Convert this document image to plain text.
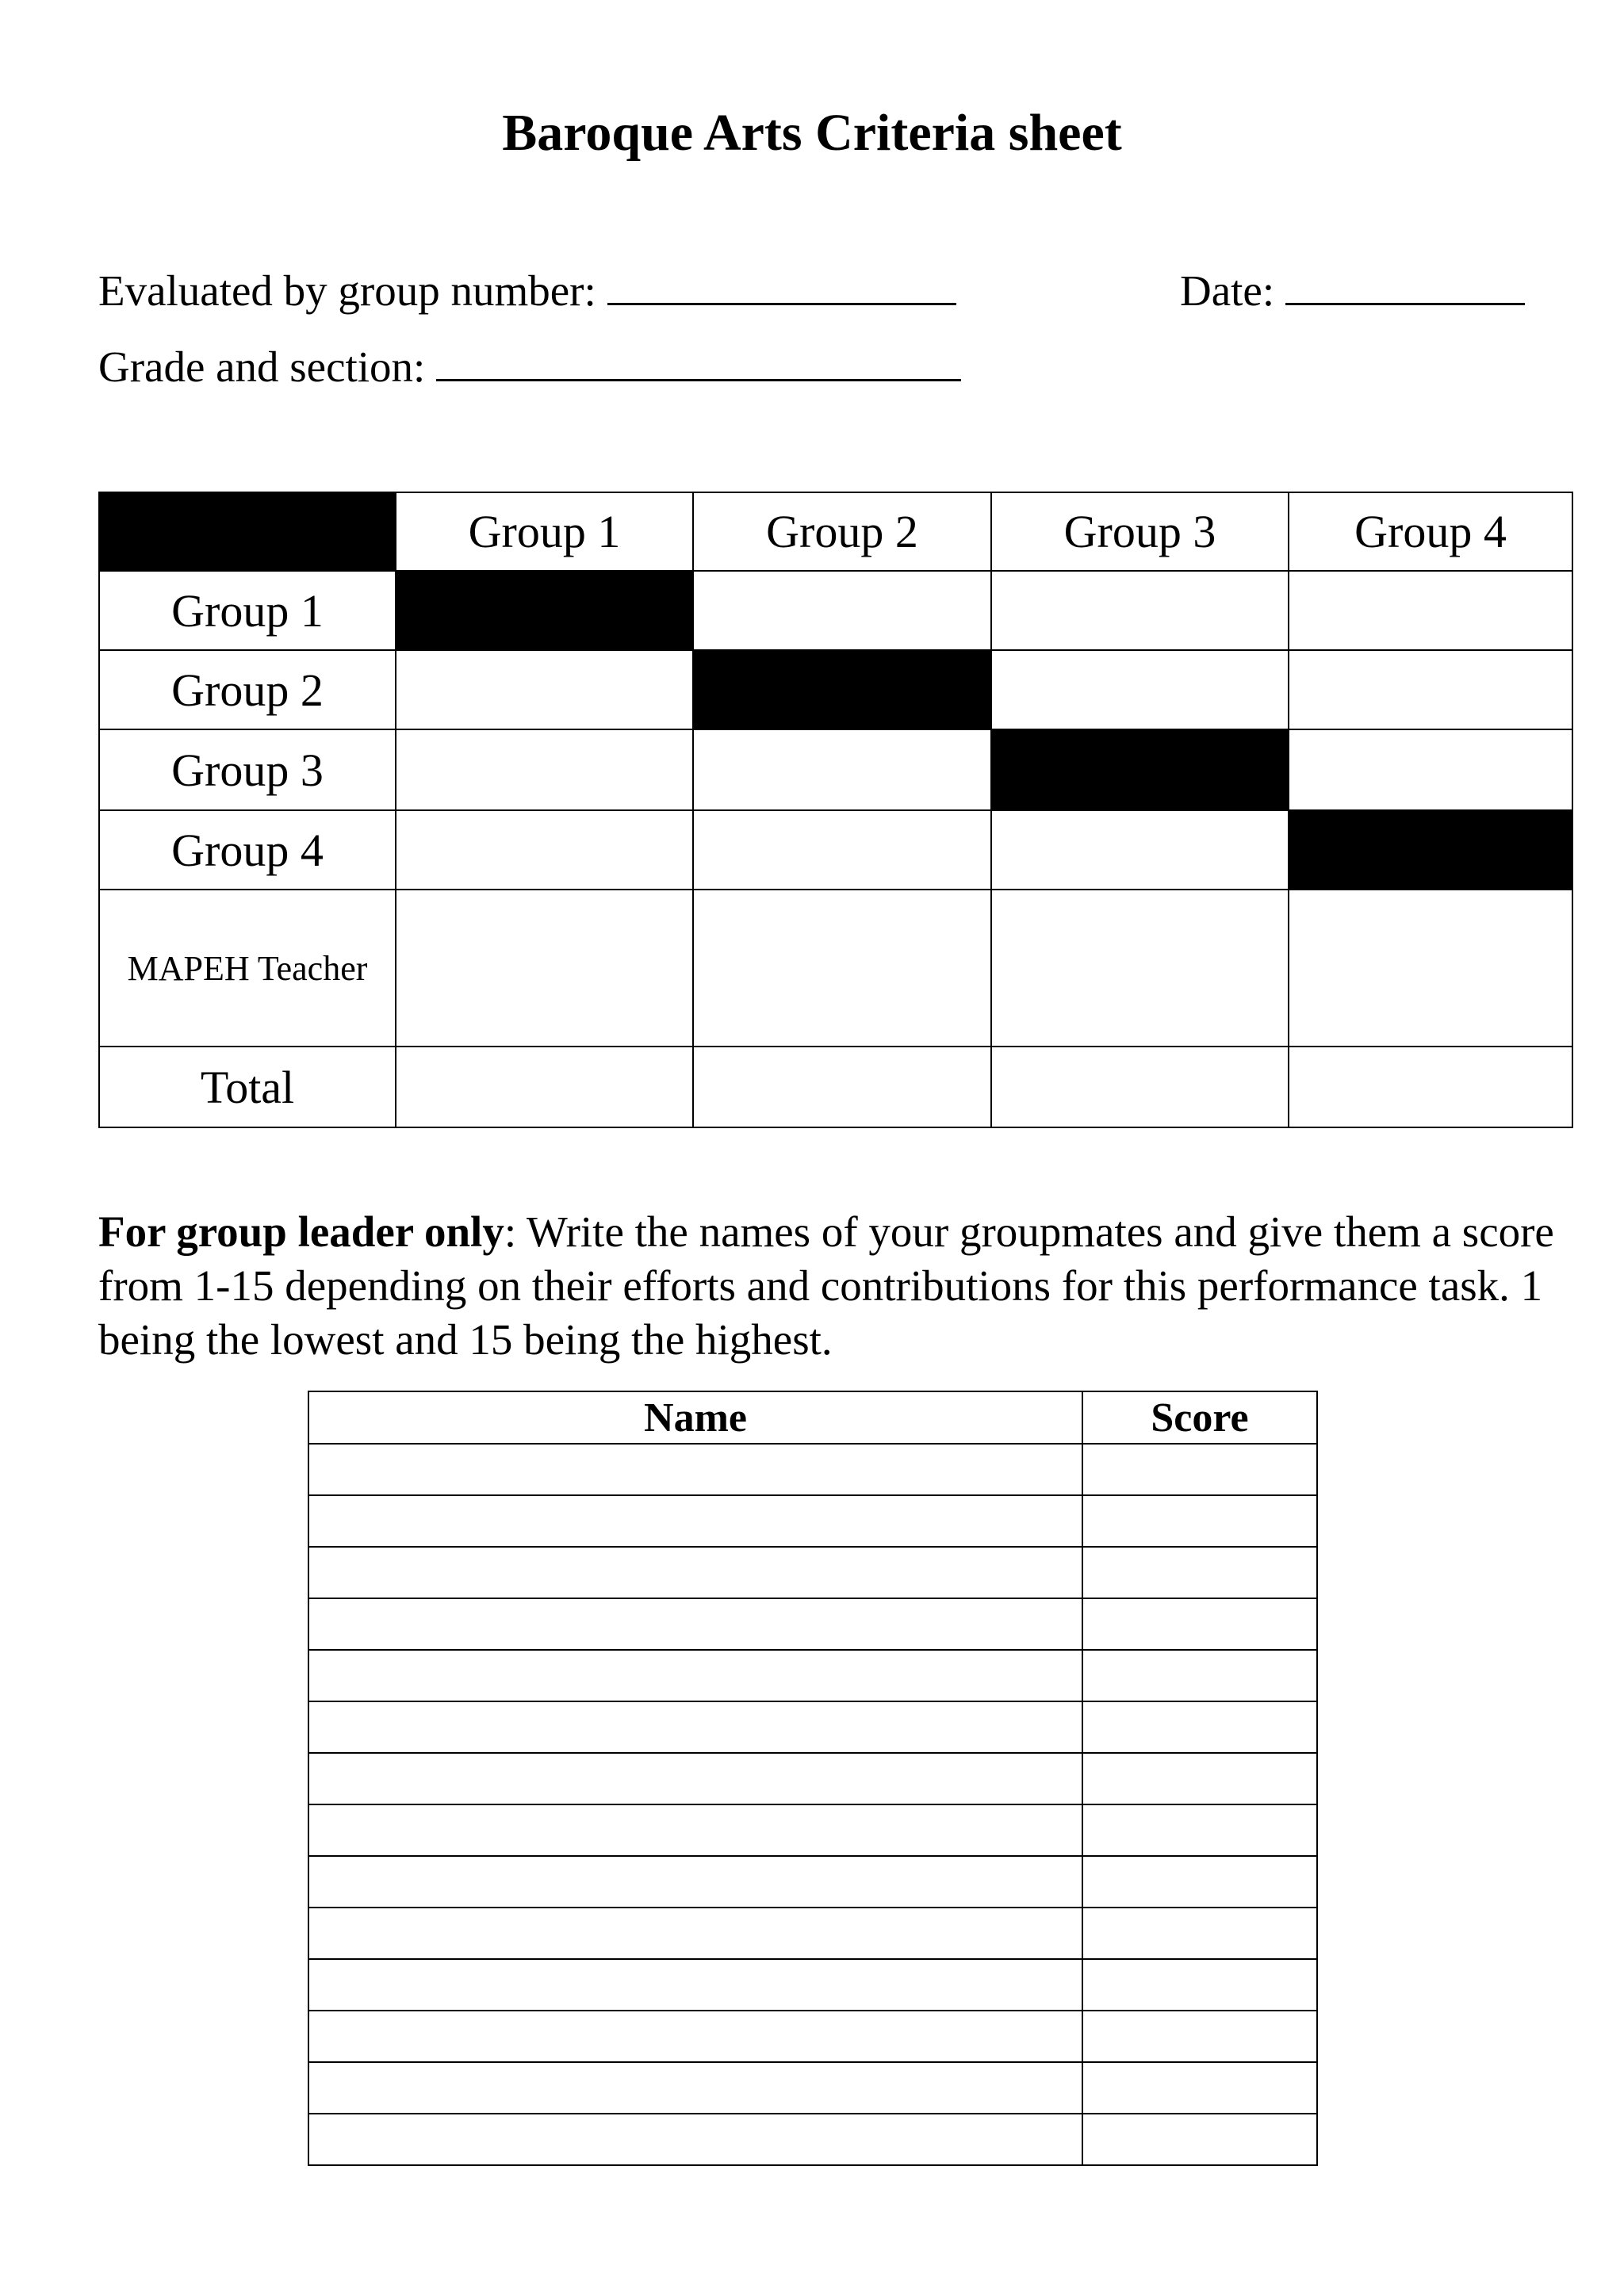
Baroque Arts Criteria sheet
Evaluated by group number:	Date:
Grade and section:
	Group 1	Group 2	Group 3	Group 4
Group 1				
Group 2				
Group 3				
Group 4				
MAPEH Teacher				
Total				
For group leader only: Write the names of your groupmates and give them a score from 1-15 depending on their efforts and contributions for this performance task. 1 being the lowest and 15 being the highest.
Name	Score
